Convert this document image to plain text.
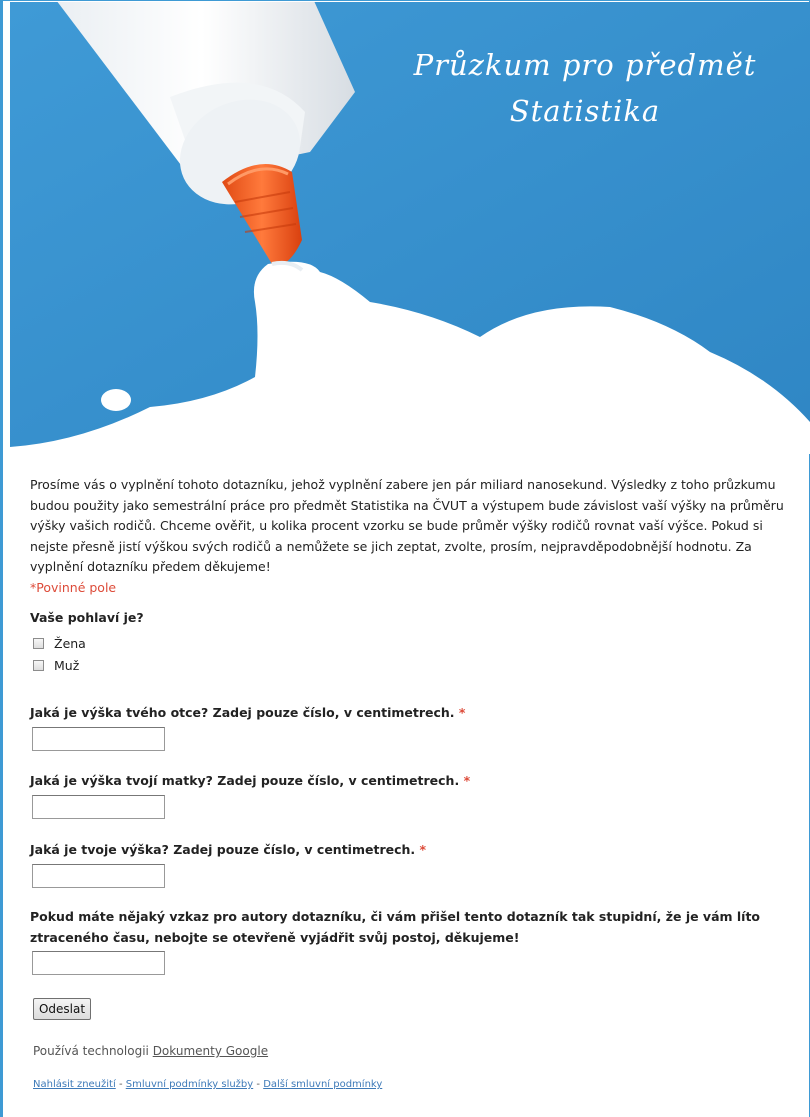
Průzkum pro předmět
Statistika

Prosíme vás o vyplnění tohoto dotazníku, jehož vyplnění zabere jen pár miliard nanosekund. Výsledky z toho průzkumu budou použity jako semestrální práce pro předmět Statistika na ČVUT a výstupem bude závislost vaší výšky na průměru výšky vašich rodičů. Chceme ověřit, u kolika procent vzorku se bude průměr výšky rodičů rovnat vaší výšce. Pokud si nejste přesně jistí výškou svých rodičů a nemůžete se jich zeptat, zvolte, prosím, nejpravděpodobnější hodnotu. Za vyplnění dotazníku předem děkujeme!

*Povinné pole

Vaše pohlaví je?
Žena
Muž
Jaká je výška tvého otce? Zadej pouze číslo, v centimetrech. *
Jaká je výška tvojí matky? Zadej pouze číslo, v centimetrech. *
Jaká je tvoje výška? Zadej pouze číslo, v centimetrech. *
Pokud máte nějaký vzkaz pro autory dotazníku, či vám přišel tento dotazník tak stupidní, že je vám líto ztraceného času, nebojte se otevřeně vyjádřit svůj postoj, děkujeme!
Odeslat
Používá technologii Dokumenty Google
Nahlásit zneužití - Smluvní podmínky služby - Další smluvní podmínky
